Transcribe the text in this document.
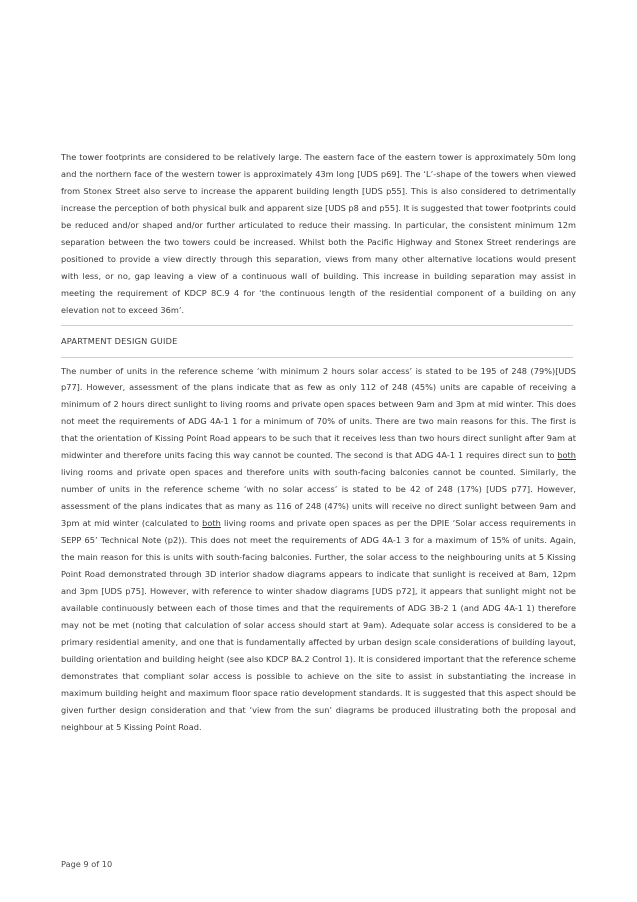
The tower footprints are considered to be relatively large. The eastern face of the eastern tower is approximately 50m long and the northern face of the western tower is approximately 43m long [UDS p69]. The ‘L’-shape of the towers when viewed from Stonex Street also serve to increase the apparent building length [UDS p55]. This is also considered to detrimentally increase the perception of both physical bulk and apparent size [UDS p8 and p55]. It is suggested that tower footprints could be reduced and/or shaped and/or further articulated to reduce their massing. In particular, the consistent minimum 12m separation between the two towers could be increased. Whilst both the Pacific Highway and Stonex Street renderings are positioned to provide a view directly through this separation, views from many other alternative locations would present with less, or no, gap leaving a view of a continuous wall of building. This increase in building separation may assist in meeting the requirement of KDCP 8C.9 4 for ‘the continuous length of the residential component of a building on any elevation not to exceed 36m’.

APARTMENT DESIGN GUIDE

The number of units in the reference scheme ‘with minimum 2 hours solar access’ is stated to be 195 of 248 (79%)[UDS p77]. However, assessment of the plans indicate that as few as only 112 of 248 (45%) units are capable of receiving a minimum of 2 hours direct sunlight to living rooms and private open spaces between 9am and 3pm at mid winter. This does not meet the requirements of ADG 4A-1 1 for a minimum of 70% of units. There are two main reasons for this. The first is that the orientation of Kissing Point Road appears to be such that it receives less than two hours direct sunlight after 9am at midwinter and therefore units facing this way cannot be counted. The second is that ADG 4A-1 1 requires direct sun to both living rooms and private open spaces and therefore units with south-facing balconies cannot be counted. Similarly, the number of units in the reference scheme ‘with no solar access’ is stated to be 42 of 248 (17%) [UDS p77]. However, assessment of the plans indicates that as many as 116 of 248 (47%) units will receive no direct sunlight between 9am and 3pm at mid winter (calculated to both living rooms and private open spaces as per the DPIE ‘Solar access requirements in SEPP 65’ Technical Note (p2)). This does not meet the requirements of ADG 4A-1 3 for a maximum of 15% of units. Again, the main reason for this is units with south-facing balconies. Further, the solar access to the neighbouring units at 5 Kissing Point Road demonstrated through 3D interior shadow diagrams appears to indicate that sunlight is received at 8am, 12pm and 3pm [UDS p75]. However, with reference to winter shadow diagrams [UDS p72], it appears that sunlight might not be available continuously between each of those times and that the requirements of ADG 3B-2 1 (and ADG 4A-1 1) therefore may not be met (noting that calculation of solar access should start at 9am). Adequate solar access is considered to be a primary residential amenity, and one that is fundamentally affected by urban design scale considerations of building layout, building orientation and building height (see also KDCP 8A.2 Control 1). It is considered important that the reference scheme demonstrates that compliant solar access is possible to achieve on the site to assist in substantiating the increase in maximum building height and maximum floor space ratio development standards. It is suggested that this aspect should be given further design consideration and that ‘view from the sun’ diagrams be produced illustrating both the proposal and neighbour at 5 Kissing Point Road.

Page 9 of 10
